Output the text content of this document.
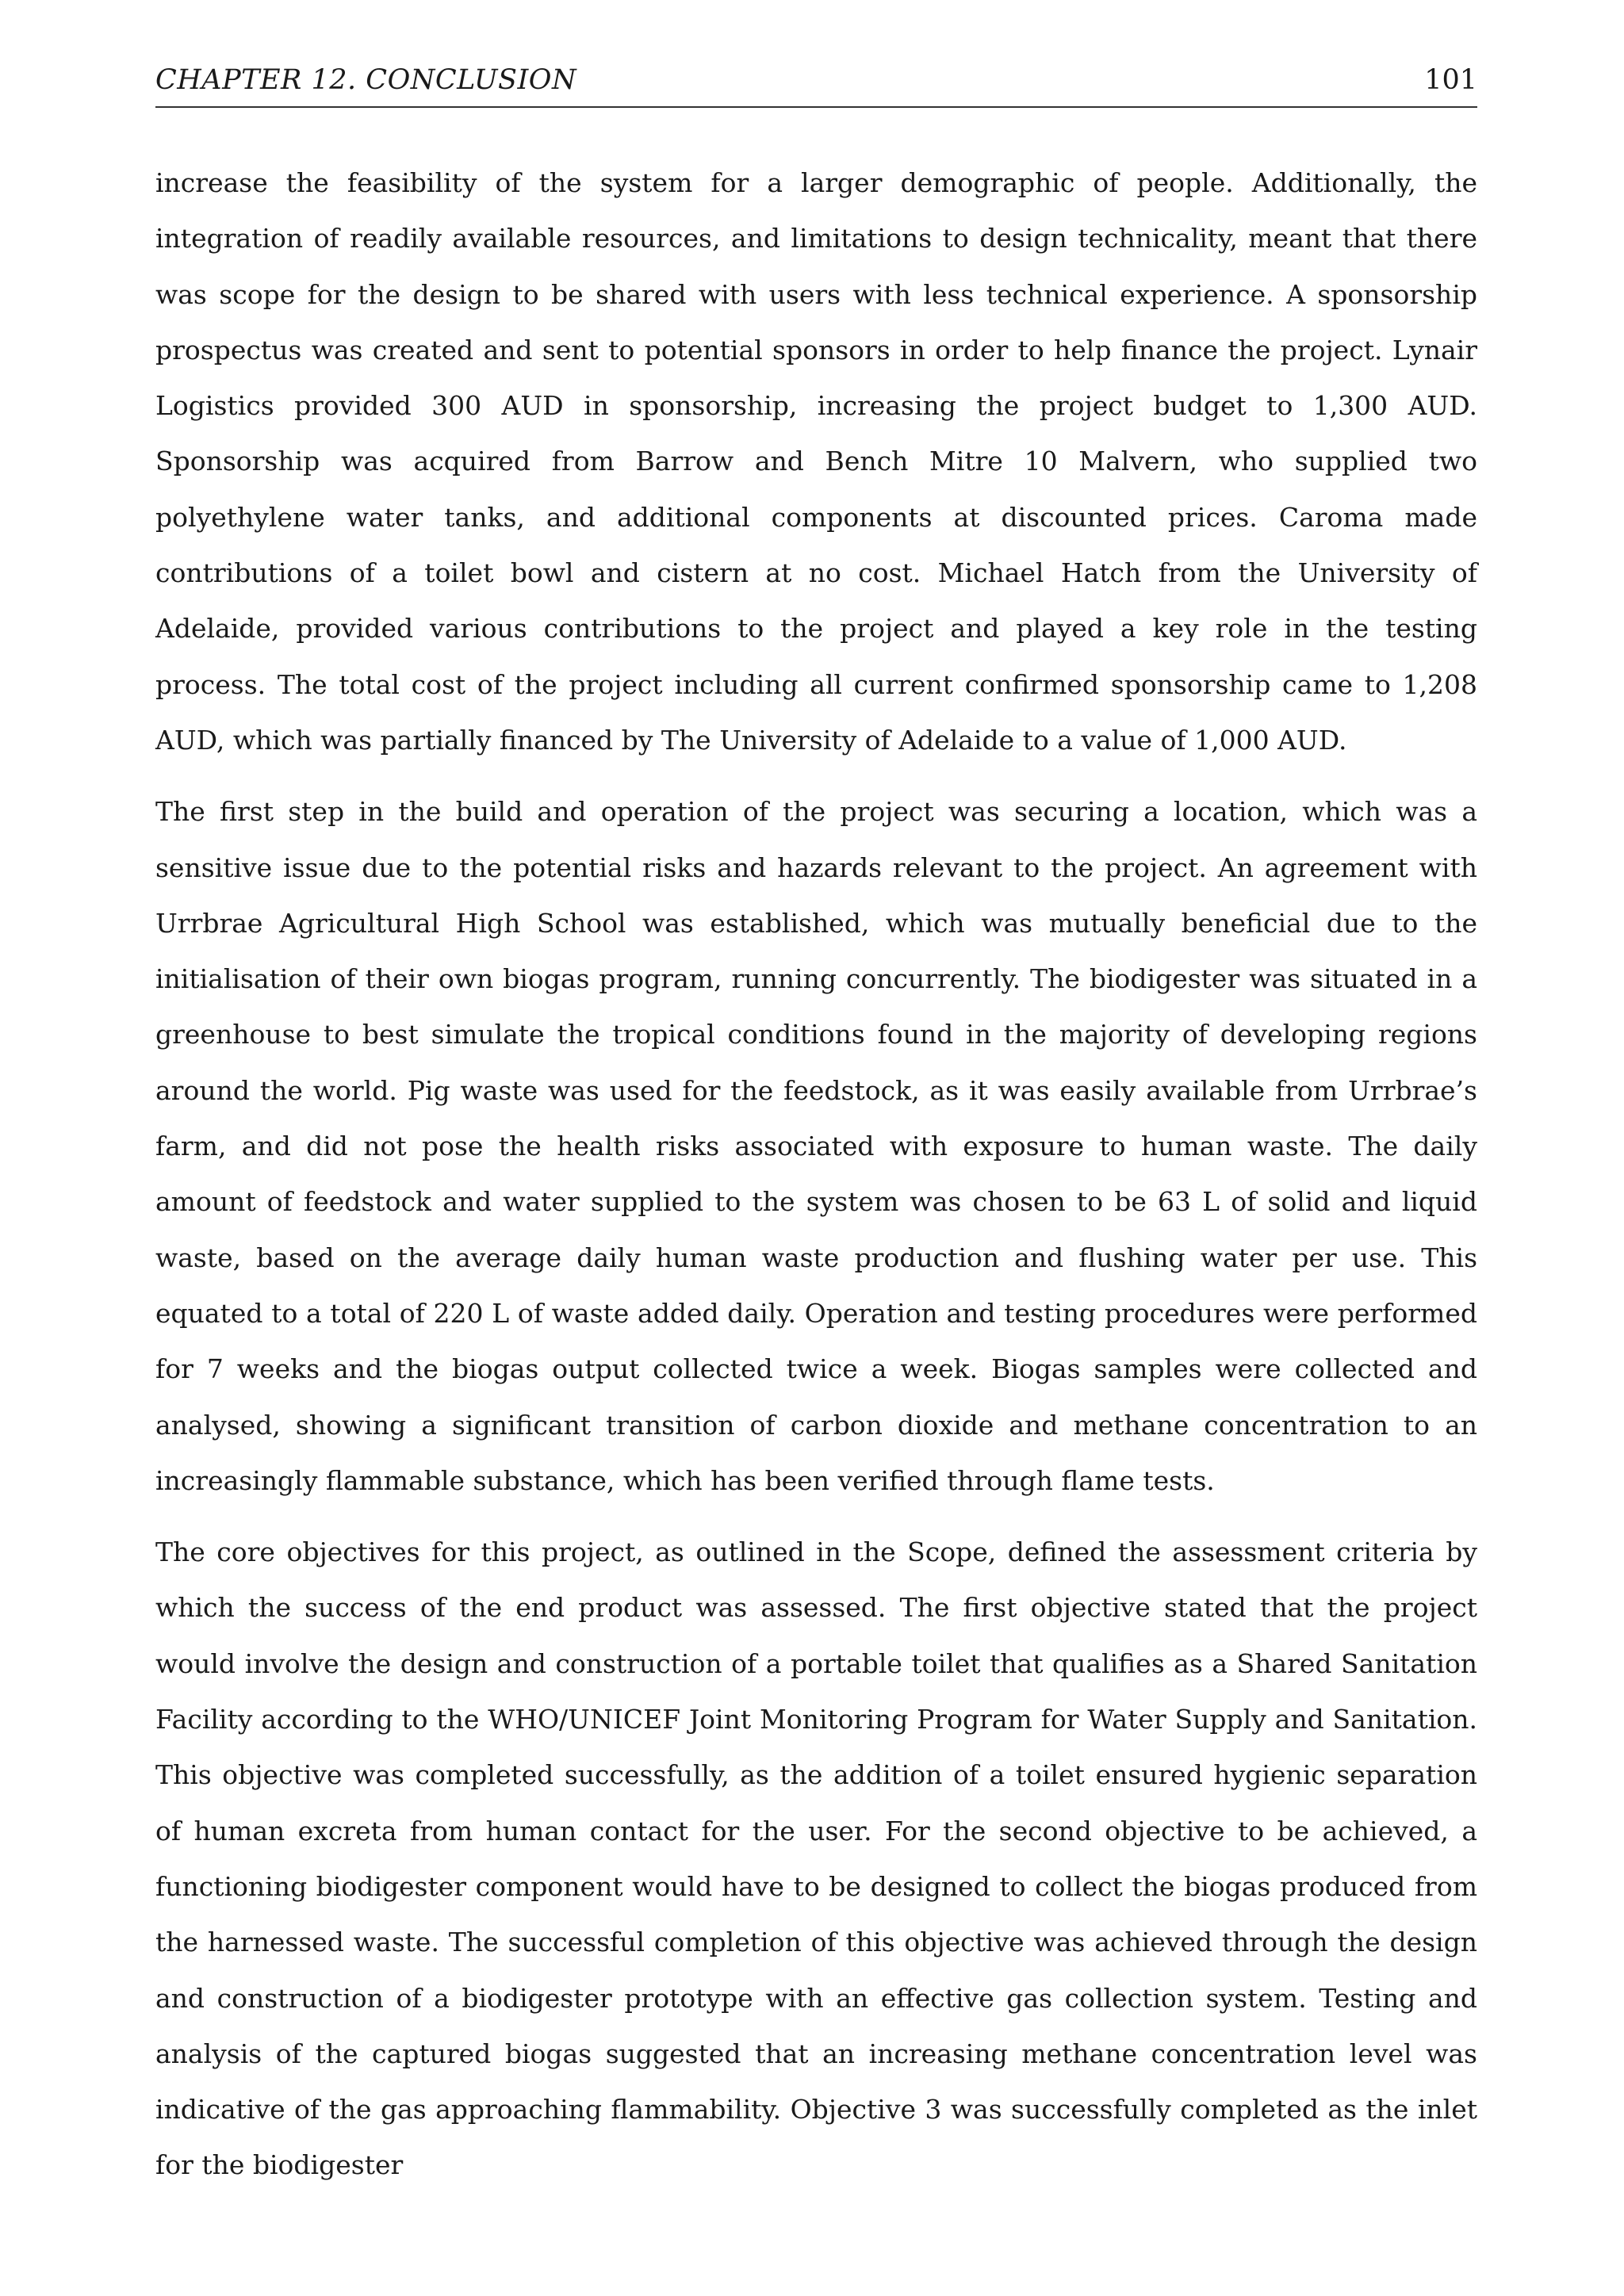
CHAPTER 12. CONCLUSION	101

increase the feasibility of the system for a larger demographic of people. Additionally, the integration of readily available resources, and limitations to design technicality, meant that there was scope for the design to be shared with users with less technical experience. A sponsorship prospectus was created and sent to potential sponsors in order to help finance the project. Lynair Logistics provided 300 AUD in sponsorship, increasing the project budget to 1,300 AUD. Sponsorship was acquired from Barrow and Bench Mitre 10 Malvern, who supplied two polyethylene water tanks, and additional components at discounted prices. Caroma made contributions of a toilet bowl and cistern at no cost. Michael Hatch from the University of Adelaide, provided various contributions to the project and played a key role in the testing process. The total cost of the project including all current confirmed sponsorship came to 1,208 AUD, which was partially financed by The University of Adelaide to a value of 1,000 AUD.

The first step in the build and operation of the project was securing a location, which was a sensitive issue due to the potential risks and hazards relevant to the project. An agreement with Urrbrae Agricultural High School was established, which was mutually beneficial due to the initialisation of their own biogas program, running concurrently. The biodigester was situated in a greenhouse to best simulate the tropical conditions found in the majority of developing regions around the world. Pig waste was used for the feedstock, as it was easily available from Urrbrae’s farm, and did not pose the health risks associated with exposure to human waste. The daily amount of feedstock and water supplied to the system was chosen to be 63 L of solid and liquid waste, based on the average daily human waste production and flushing water per use. This equated to a total of 220 L of waste added daily. Operation and testing procedures were performed for 7 weeks and the biogas output collected twice a week. Biogas samples were collected and analysed, showing a significant transition of carbon dioxide and methane concentration to an increasingly flammable substance, which has been verified through flame tests.

The core objectives for this project, as outlined in the Scope, defined the assessment criteria by which the success of the end product was assessed. The first objective stated that the project would involve the design and construction of a portable toilet that qualifies as a Shared Sanitation Facility according to the WHO/UNICEF Joint Monitoring Program for Water Supply and Sanitation. This objective was completed successfully, as the addition of a toilet ensured hygienic separation of human excreta from human contact for the user. For the second objective to be achieved, a functioning biodigester component would have to be designed to collect the biogas produced from the harnessed waste. The successful completion of this objective was achieved through the design and construction of a biodigester prototype with an effective gas collection system. Testing and analysis of the captured biogas suggested that an increasing methane concentration level was indicative of the gas approaching flammability. Objective 3 was successfully completed as the inlet for the biodigester
